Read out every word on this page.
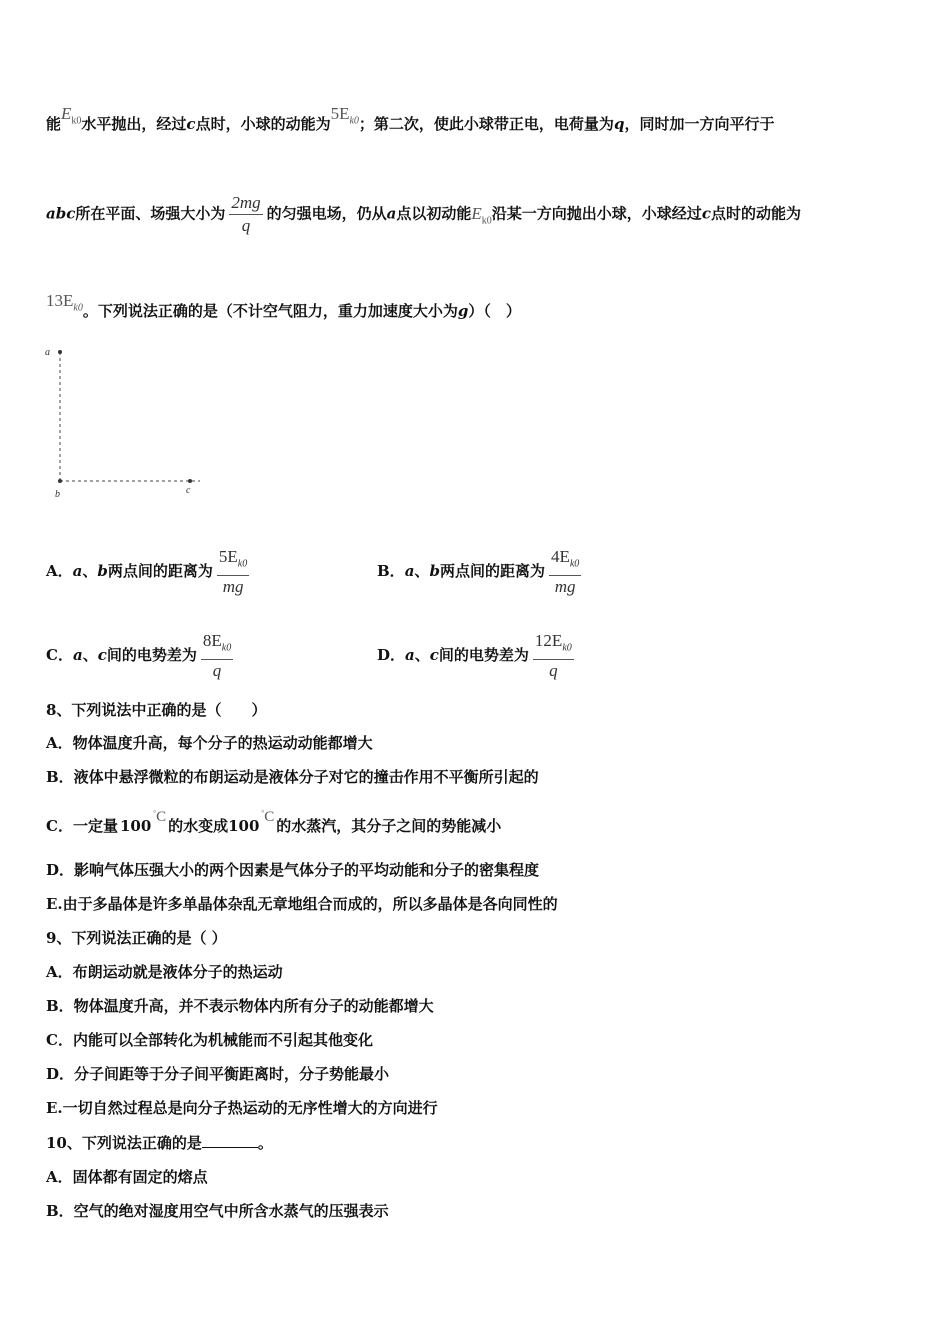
能$E_{k0}$水平抛出，经过c点时，小球的动能为$5E_{k0}$；第二次，使此小球带正电，电荷量为q，同时加一方向平行于
abc所在平面、场强大小为 $\frac{2mg}{q}$ 的匀强电场，仍从a点以初动能$E_{k0}$沿某一方向抛出小球，小球经过c点时的动能为
$13E_{k0}$。下列说法正确的是（不计空气阻力，重力加速度大小为g）（　）
a
b	c
A．a、b两点间的距离为 $\frac{5E_{k0}}{mg}$	B．a、b两点间的距离为 $\frac{4E_{k0}}{mg}$
C．a、c间的电势差为 $\frac{8E_{k0}}{q}$	D．a、c间的电势差为 $\frac{12E_{k0}}{q}$
8、下列说法中正确的是（　　）
A．物体温度升高，每个分子的热运动动能都增大
B．液体中悬浮微粒的布朗运动是液体分子对它的撞击作用不平衡所引起的
C．一定量 100°C 的水变成100°C 的水蒸汽，其分子之间的势能减小
D．影响气体压强大小的两个因素是气体分子的平均动能和分子的密集程度
E.由于多晶体是许多单晶体杂乱无章地组合而成的，所以多晶体是各向同性的
9、下列说法正确的是（ ）
A．布朗运动就是液体分子的热运动
B．物体温度升高，并不表示物体内所有分子的动能都增大
C．内能可以全部转化为机械能而不引起其他变化
D．分子间距等于分子间平衡距离时，分子势能最小
E.一切自然过程总是向分子热运动的无序性增大的方向进行
10、下列说法正确的是	。
A．固体都有固定的熔点
B．空气的绝对湿度用空气中所含水蒸气的压强表示
